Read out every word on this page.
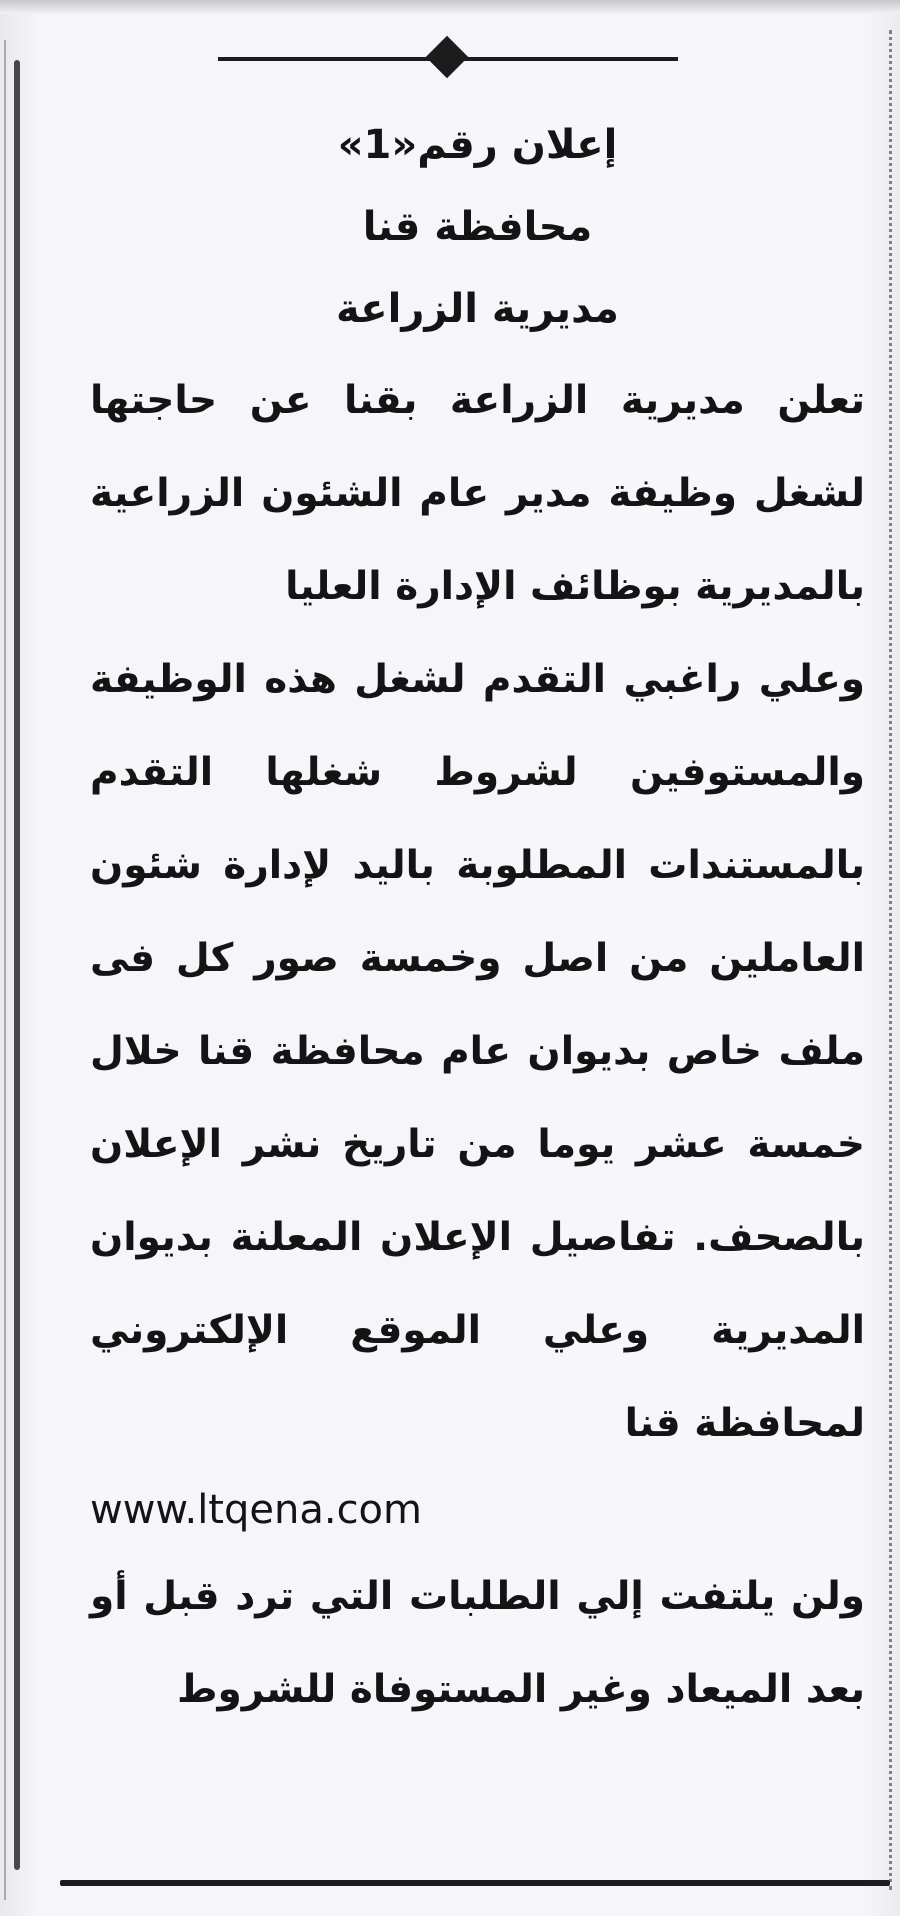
إعلان رقم«1»

محافظة قنا

مديرية الزراعة

تعلن مديرية الزراعة بقنا عن حاجتها لشغل وظيفة مدير عام الشئون الزراعية بالمديرية بوظائف الإدارة العليا

وعلي راغبي التقدم لشغل هذه الوظيفة والمستوفين لشروط شغلها التقدم بالمستندات المطلوبة باليد لإدارة شئون العاملين من اصل وخمسة صور كل فى ملف خاص بديوان عام محافظة قنا خلال خمسة عشر يوما من تاريخ نشر الإعلان بالصحف. تفاصيل الإعلان المعلنة بديوان المديرية وعلي الموقع الإلكتروني لمحافظة قنا

www.ltqena.com

ولن يلتفت إلي الطلبات التي ترد قبل أو بعد الميعاد وغير المستوفاة للشروط
